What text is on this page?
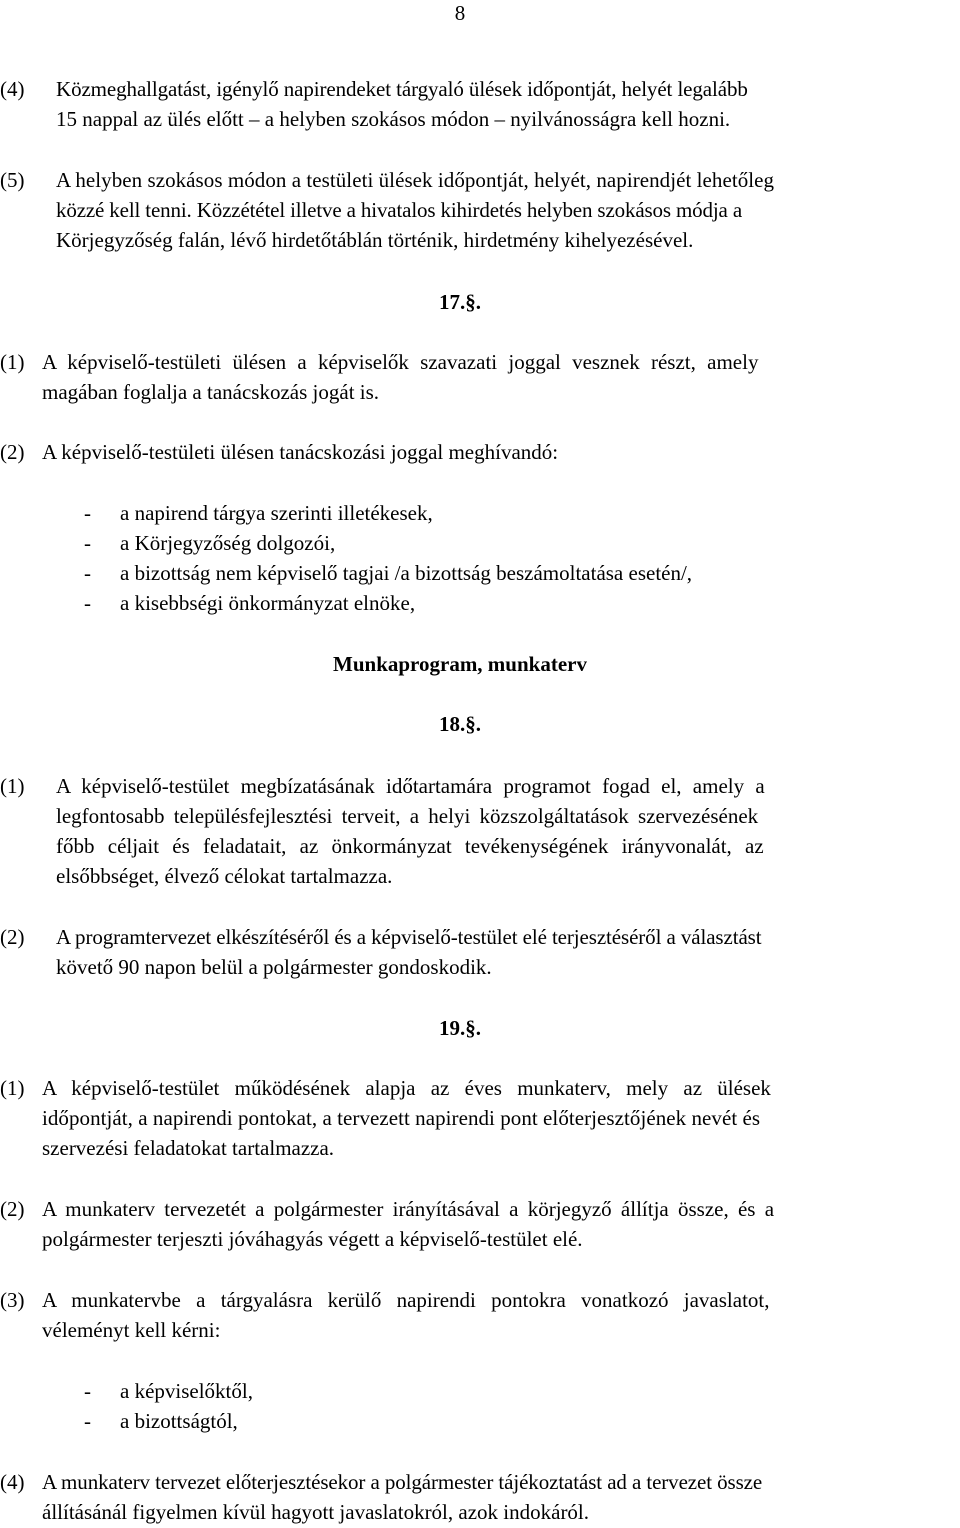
8
(4) Közmeghallgatást, igénylő napirendeket tárgyaló ülések időpontját, helyét legalább
15 nappal az ülés előtt – a helyben szokásos módon – nyilvánosságra kell hozni.
(5) A helyben szokásos módon a testületi ülések időpontját, helyét, napirendjét lehetőleg
közzé kell tenni. Közzététel illetve a hivatalos kihirdetés helyben szokásos módja a
Körjegyzőség falán, lévő hirdetőtáblán történik, hirdetmény kihelyezésével.
17.§.
(1) A képviselő-testületi ülésen a képviselők szavazati joggal vesznek részt, amely
magában foglalja a tanácskozás jogát is.
(2) A képviselő-testületi ülésen tanácskozási joggal meghívandó:
- a napirend tárgya szerinti illetékesek,
- a Körjegyzőség dolgozói,
- a bizottság nem képviselő tagjai /a bizottság beszámoltatása esetén/,
- a kisebbségi önkormányzat elnöke,
Munkaprogram, munkaterv
18.§.
(1) A képviselő-testület megbízatásának időtartamára programot fogad el, amely a
legfontosabb településfejlesztési terveit, a helyi közszolgáltatások szervezésének
főbb céljait és feladatait, az önkormányzat tevékenységének irányvonalát, az
elsőbbséget, élvező célokat tartalmazza.
(2) A programtervezet elkészítéséről és a képviselő-testület elé terjesztéséről a választást
követő 90 napon belül a polgármester gondoskodik.
19.§.
(1) A képviselő-testület működésének alapja az éves munkaterv, mely az ülések
időpontját, a napirendi pontokat, a tervezett napirendi pont előterjesztőjének nevét és
szervezési feladatokat tartalmazza.
(2) A munkaterv tervezetét a polgármester irányításával a körjegyző állítja össze, és a
polgármester terjeszti jóváhagyás végett a képviselő-testület elé.
(3) A munkatervbe a tárgyalásra kerülő napirendi pontokra vonatkozó javaslatot,
véleményt kell kérni:
- a képviselőktől,
- a bizottságtól,
(4) A munkaterv tervezet előterjesztésekor a polgármester tájékoztatást ad a tervezet össze
állításánál figyelmen kívül hagyott javaslatokról, azok indokáról.
